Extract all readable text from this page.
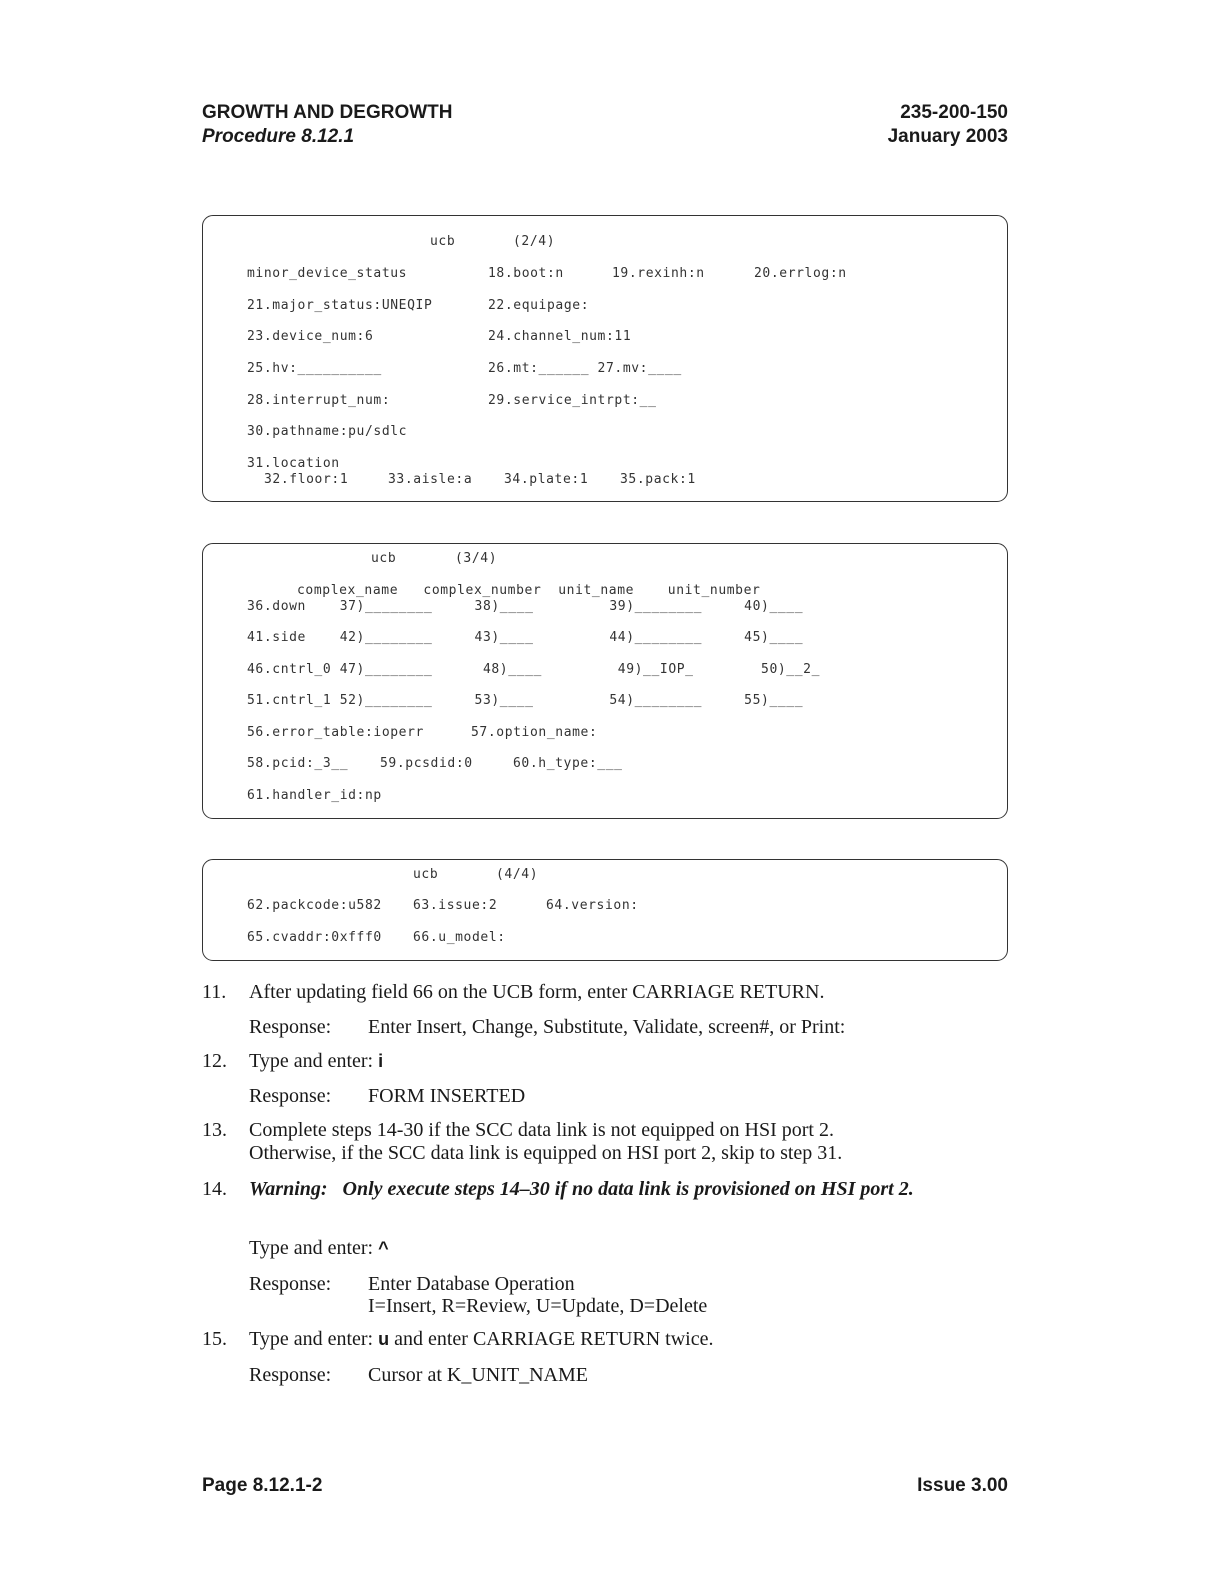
GROWTH AND DEGROWTH
Procedure 8.12.1
235-200-150
January 2003
ucb	(2/4)
minor_device_status	18.boot:n	19.rexinh:n	20.errlog:n
21.major_status:UNEQIP	22.equipage:
23.device_num:6	24.channel_num:11
25.hv:__________	26.mt:______ 27.mv:____
28.interrupt_num:	29.service_intrpt:__
30.pathname:pu/sdlc
31.location
32.floor:1	33.aisle:a 34.plate:1 35.pack:1
ucb	(3/4)
complex_name   complex_number  unit_name    unit_number
36.down    37)________     38)____         39)________     40)____
41.side    42)________     43)____         44)________     45)____
46.cntrl_0 47)________      48)____         49)__IOP_        50)__2_
51.cntrl_1 52)________     53)____         54)________     55)____
56.error_table:ioperr	57.option_name:
58.pcid:_3__ 59.pcsdid:0	60.h_type:___
61.handler_id:np
ucb	(4/4)
62.packcode:u582 63.issue:2	64.version:
65.cvaddr:0xfff0 66.u_model:
11. After updating field 66 on the UCB form, enter CARRIAGE RETURN.
Response: Enter Insert, Change, Substitute, Validate, screen#, or Print:
12. Type and enter: i
Response: FORM INSERTED
13. Complete steps 14-30 if the SCC data link is not equipped on HSI port 2.
Otherwise, if the SCC data link is equipped on HSI port 2, skip to step 31.
14. Warning: Only execute steps 14–30 if no data link is provisioned on HSI port 2.
Type and enter: ^
Response: Enter Database Operation
I=Insert, R=Review, U=Update, D=Delete
15. Type and enter: u and enter CARRIAGE RETURN twice.
Response: Cursor at K_UNIT_NAME
Page 8.12.1-2	Issue 3.00
